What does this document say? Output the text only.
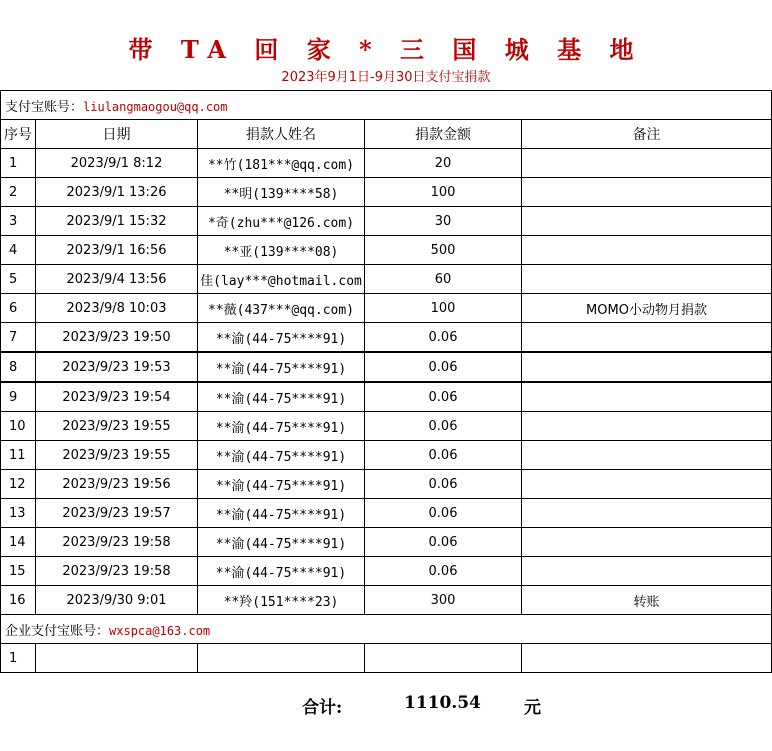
带 TA 回 家 * 三 国 城 基 地
2023年9月1日-9月30日支付宝捐款
支付宝账号：liulangmaogou@qq.com				
序号	日期	捐款人姓名	捐款金额	备注
1	2023/9/1 8:12	**竹(181***@qq.com)	20	
2	2023/9/1 13:26	**明(139****58)	100	
3	2023/9/1 15:32	*奇(zhu***@126.com)	30	
4	2023/9/1 16:56	**亚(139****08)	500	
5	2023/9/4 13:56	佳(lay***@hotmail.com	60	
6	2023/9/8 10:03	**薇(437***@qq.com)	100	MOMO小动物月捐款
7	2023/9/23 19:50	**渝(44-75****91)	0.06	
8	2023/9/23 19:53	**渝(44-75****91)	0.06	
9	2023/9/23 19:54	**渝(44-75****91)	0.06	
10	2023/9/23 19:55	**渝(44-75****91)	0.06	
11	2023/9/23 19:55	**渝(44-75****91)	0.06	
12	2023/9/23 19:56	**渝(44-75****91)	0.06	
13	2023/9/23 19:57	**渝(44-75****91)	0.06	
14	2023/9/23 19:58	**渝(44-75****91)	0.06	
15	2023/9/23 19:58	**渝(44-75****91)	0.06	
16	2023/9/30 9:01	**羚(151****23)	300	转账
企业支付宝账号：wxspca@163.com				
1				
合计:	1110.54	元
